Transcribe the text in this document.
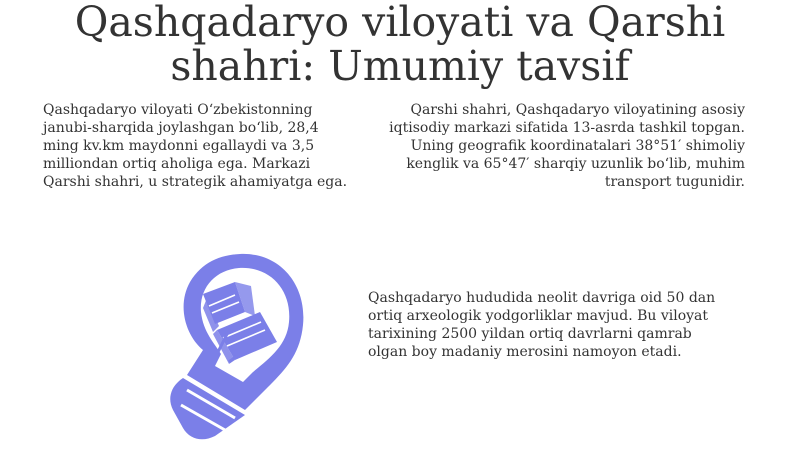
Qashqadaryo viloyati va Qarshi shahri: Umumiy tavsif

Qashqadaryo viloyati O‘zbekistonning janubi-sharqida joylashgan bo‘lib, 28,4 ming kv.km maydonni egallaydi va 3,5 milliondan ortiq aholiga ega. Markazi Qarshi shahri, u strategik ahamiyatga ega.

Qarshi shahri, Qashqadaryo viloyatining asosiy iqtisodiy markazi sifatida 13-asrda tashkil topgan. Uning geografik koordinatalari 38°51′ shimoliy kenglik va 65°47′ sharqiy uzunlik bo‘lib, muhim transport tugunidir.

Qashqadaryo hududida neolit davriga oid 50 dan ortiq arxeologik yodgorliklar mavjud. Bu viloyat tarixining 2500 yildan ortiq davrlarni qamrab olgan boy madaniy merosini namoyon etadi.
